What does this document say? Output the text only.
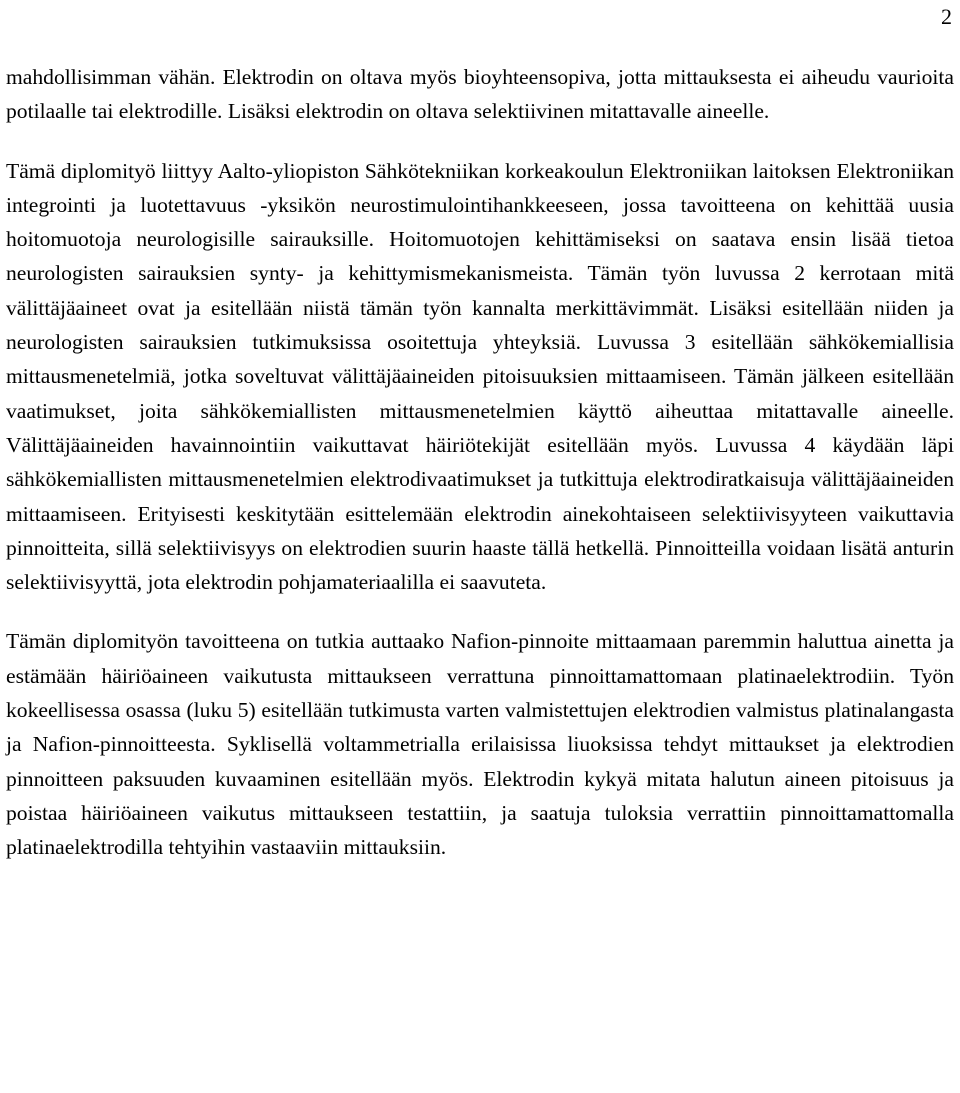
2

mahdollisimman vähän. Elektrodin on oltava myös bioyhteensopiva, jotta mittauksesta ei aiheudu vaurioita potilaalle tai elektrodille. Lisäksi elektrodin on oltava selektiivinen mitattavalle aineelle.

Tämä diplomityö liittyy Aalto-yliopiston Sähkötekniikan korkeakoulun Elektroniikan laitoksen Elektroniikan integrointi ja luotettavuus -yksikön neurostimulointihankkeeseen, jossa tavoitteena on kehittää uusia hoitomuotoja neurologisille sairauksille. Hoitomuotojen kehittämiseksi on saatava ensin lisää tietoa neurologisten sairauksien synty- ja kehittymismekanismeista. Tämän työn luvussa 2 kerrotaan mitä välittäjäaineet ovat ja esitellään niistä tämän työn kannalta merkittävimmät. Lisäksi esitellään niiden ja neurologisten sairauksien tutkimuksissa osoitettuja yhteyksiä. Luvussa 3 esitellään sähkökemiallisia mittausmenetelmiä, jotka soveltuvat välittäjäaineiden pitoisuuksien mittaamiseen. Tämän jälkeen esitellään vaatimukset, joita sähkökemiallisten mittausmenetelmien käyttö aiheuttaa mitattavalle aineelle. Välittäjäaineiden havainnointiin vaikuttavat häiriötekijät esitellään myös. Luvussa 4 käydään läpi sähkökemiallisten mittausmenetelmien elektrodivaatimukset ja tutkittuja elektrodiratkaisuja välittäjäaineiden mittaamiseen. Erityisesti keskitytään esittelemään elektrodin ainekohtaiseen selektiivisyyteen vaikuttavia pinnoitteita, sillä selektiivisyys on elektrodien suurin haaste tällä hetkellä. Pinnoitteilla voidaan lisätä anturin selektiivisyyttä, jota elektrodin pohjamateriaalilla ei saavuteta.

Tämän diplomityön tavoitteena on tutkia auttaako Nafion-pinnoite mittaamaan paremmin haluttua ainetta ja estämään häiriöaineen vaikutusta mittaukseen verrattuna pinnoittamattomaan platinaelektrodiin. Työn kokeellisessa osassa (luku 5) esitellään tutkimusta varten valmistettujen elektrodien valmistus platinalangasta ja Nafion-pinnoitteesta. Syklisellä voltammetrialla erilaisissa liuoksissa tehdyt mittaukset ja elektrodien pinnoitteen paksuuden kuvaaminen esitellään myös. Elektrodin kykyä mitata halutun aineen pitoisuus ja poistaa häiriöaineen vaikutus mittaukseen testattiin, ja saatuja tuloksia verrattiin pinnoittamattomalla platinaelektrodilla tehtyihin vastaaviin mittauksiin.
